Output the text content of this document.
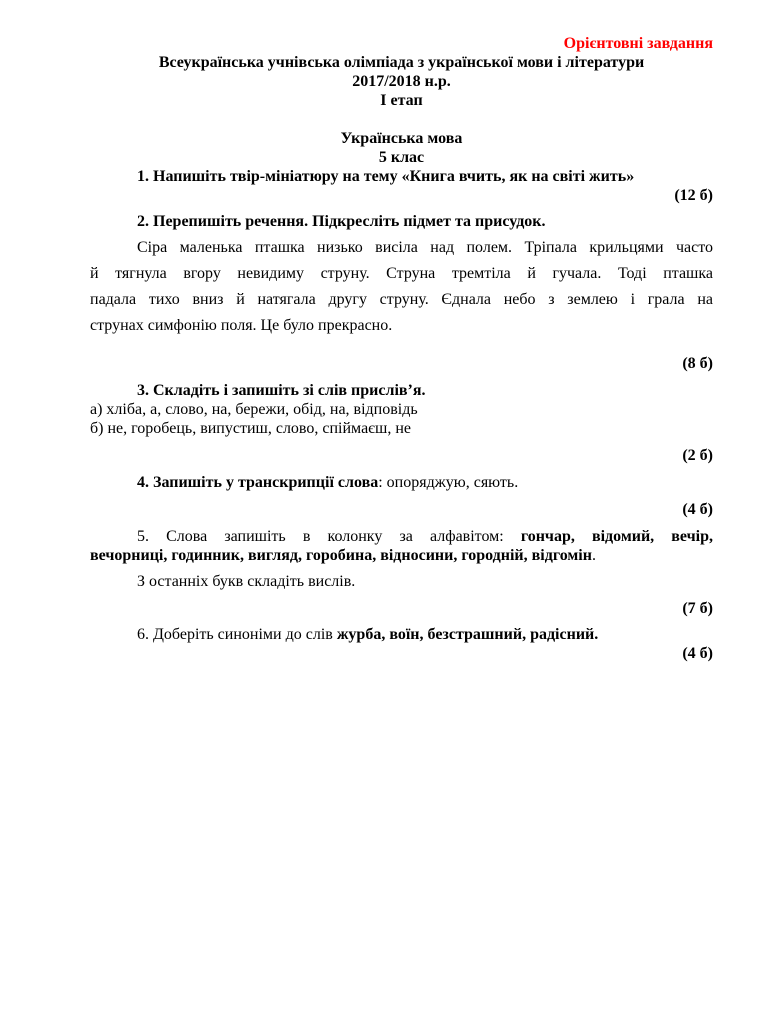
Орієнтовні завдання

Всеукраїнська учнівська олімпіада з української мови і літератури

2017/2018 н.р.

І етап

Українська мова

5 клас

1. Напишіть твір-мініатюру на тему «Книга вчить, як на світі жить»

(12 б)

2. Перепишіть речення. Підкресліть підмет та присудок.

Сіра маленька пташка низько висіла над полем. Тріпала крильцями часто

й тягнула вгору невидиму струну. Струна тремтіла й гучала. Тоді пташка

падала тихо вниз й натягала другу струну. Єднала небо з землею і грала на

струнах симфонію поля. Це було прекрасно.

(8 б)

3. Складіть і запишіть зі слів прислів’я.

а) хліба, а, слово, на, бережи, обід, на, відповідь

б) не, горобець, випустиш, слово, спіймаєш, не

(2 б)

4. Запишіть у транскрипції слова: опоряджую, сяють.

(4 б)

5. Слова запишіть в колонку за алфавітом: гончар, відомий, вечір,

вечорниці, годинник, вигляд, горобина, відносини, городній, відгомін.

З останніх букв складіть вислів.

(7 б)

6. Доберіть синоніми до слів журба, воїн, безстрашний, радісний.

(4 б)
